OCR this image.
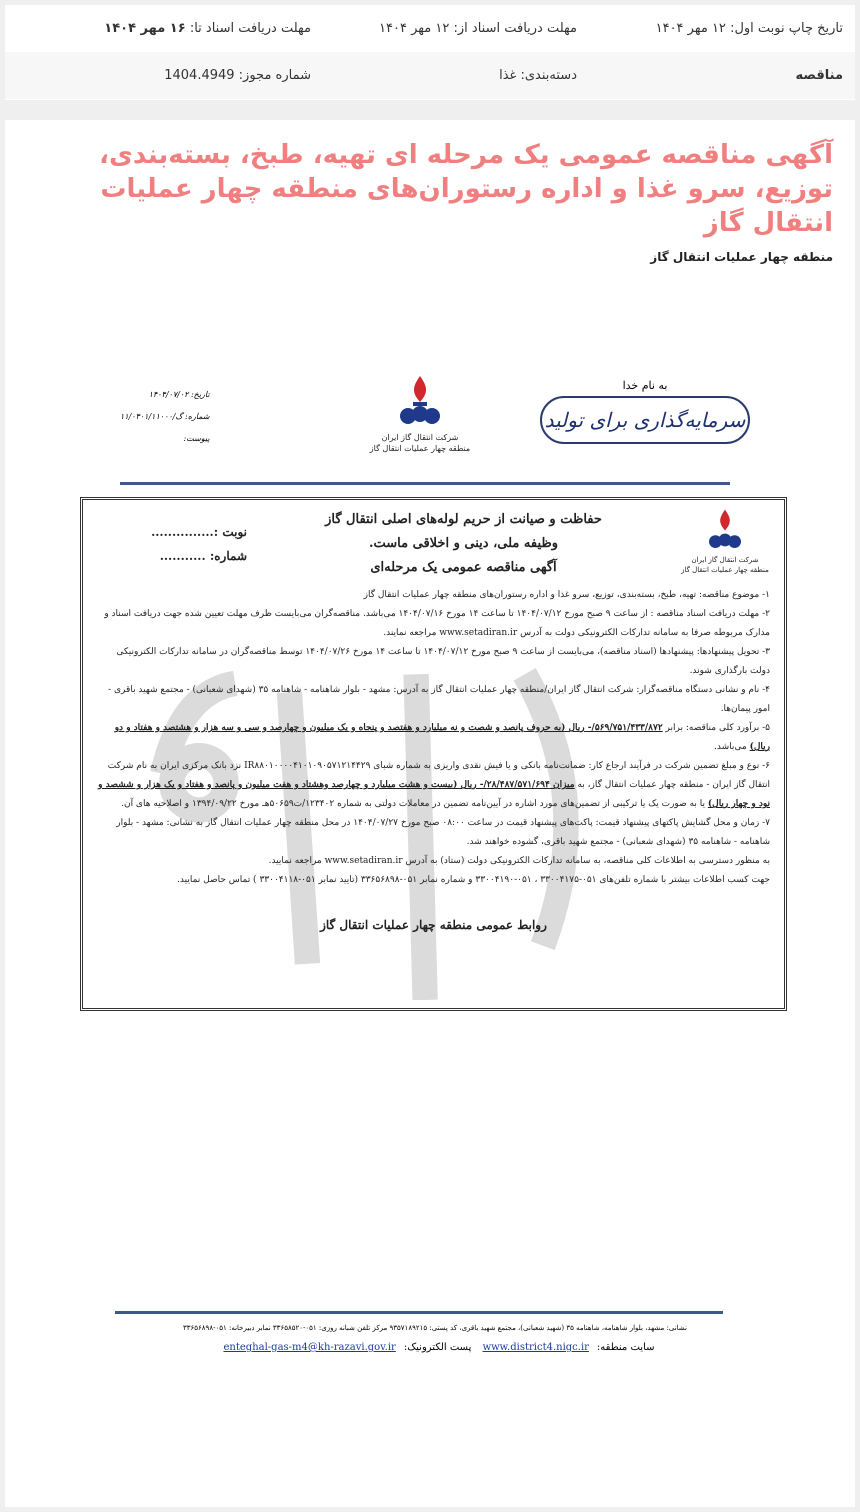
تاریخ چاپ نوبت اول: ۱۲ مهر ۱۴۰۴
مهلت دریافت اسناد از: ۱۲ مهر ۱۴۰۴
مهلت دریافت اسناد تا: ۱۶ مهر ۱۴۰۴
مناقصه
دسته‌بندی: غذا
شماره مجوز: 1404.4949
آگهی مناقصه عمومی یک مرحله ای تهیه، طبخ، بسته‌بندی، توزیع، سرو غذا و اداره رستوران‌های منطقه چهار عملیات انتقال گاز
منطقه چهار عملیات انتقال گاز
به نام خدا
سرمایه‌گذاری برای تولید
شرکت انتقال گاز ایران
منطقه چهار عملیات انتقال گاز
تاریخ: ۱۴۰۴/۰۷/۰۲
شماره: گ/۱۱/۰۴۰۱/۱۱۰۰۰
پیوست:
شرکت انتقال گاز ایران
منطقه چهار عملیات انتقال گاز
حفاظت و صیانت از حریم لوله‌های اصلی انتقال گاز
وظیفه ملی، دینی و اخلاقی ماست.
آگهی مناقصه عمومی یک مرحله‌ای
نوبت :...............
شماره: ...........

۱- موضوع مناقصه: تهیه، طبخ، بسته‌بندی، توزیع، سرو غذا و اداره رستوران‌های منطقه چهار عملیات انتقال گاز

۲- مهلت دریافت اسناد مناقصه : از ساعت ۹ صبح مورخ ۱۴۰۴/۰۷/۱۲ تا ساعت ۱۴ مورخ ۱۴۰۴/۰۷/۱۶ می‌باشد. مناقصه‌گران می‌بایست ظرف مهلت تعیین شده جهت دریافت اسناد و مدارک مربوطه صرفا به سامانه تدارکات الکترونیکی دولت به آدرس www.setadiran.ir مراجعه نمایند.

۳- تحویل پیشنهادها: پیشنهادها (اسناد مناقصه)، می‌بایست از ساعت ۹ صبح مورخ ۱۴۰۴/۰۷/۱۲ تا ساعت ۱۴ مورخ ۱۴۰۴/۰۷/۲۶ توسط مناقصه‌گران در سامانه تدارکات الکترونیکی دولت بارگذاری شوند.

۴- نام و نشانی دستگاه مناقصه‌گزار: شرکت انتقال گاز ایران/منطقه چهار عملیات انتقال گاز به آدرس: مشهد - بلوار شاهنامه - شاهنامه ۳۵ (شهدای شعبانی) - مجتمع شهید باقری - امور پیمان‌ها.

۵- برآورد کلی مناقصه: برابر ۵۶۹/۷۵۱/۴۳۳/۸۷۲/- ریال (به حروف پانصد و شصت و نه میلیارد و هفتصد و پنجاه و یک میلیون و چهارصد و سی و سه هزار و هشتصد و هفتاد و دو ریال) می‌باشد.

۶- نوع و مبلغ تضمین شرکت در فرآیند ارجاع کار: ضمانت‌نامه بانکی و یا فیش نقدی واریزی به شماره شبای IR۸۸۰۱۰۰۰۰۴۱۰۱۰۹۰۵۷۱۲۱۴۴۲۹ نزد بانک مرکزی ایران به نام شرکت انتقال گاز ایران - منطقه چهار عملیات انتقال گاز، به میزان ۲۸/۴۸۷/۵۷۱/۶۹۴/- ریال (بیست و هشت میلیارد و چهارصد وهشتاد و هفت میلیون و پانصد و هفتاد و یک هزار و ششصد و نود و چهار ریال) یا به صورت یک یا ترکیبی از تضمین‌های مورد اشاره در آیین‌نامه تضمین در معاملات دولتی به شماره ۱۲۳۴۰۲/ت۵۰۶۵۹هـ مورخ ۱۳۹۴/۰۹/۲۲ و اصلاحیه های آن.

۷- زمان و محل گشایش پاکتهای پیشنهاد قیمت: پاکت‌های پیشنهاد قیمت در ساعت ۰۸:۰۰ صبح مورخ ۱۴۰۴/۰۷/۲۷ در محل منطقه چهار عملیات انتقال گاز به نشانی: مشهد - بلوار شاهنامه - شاهنامه ۳۵ (شهدای شعبانی) - مجتمع شهید باقری، گشوده خواهند شد.

به منظور دسترسی به اطلاعات کلی مناقصه، به سامانه تدارکات الکترونیکی دولت (ستاد) به آدرس www.setadiran.ir مراجعه نمایید.

جهت کسب اطلاعات بیشتر با شماره تلفن‌های ۰۵۱-۳۳۰۰۴۱۷۵ ، ۰۵۱-۳۳۰۰۴۱۹۰ و شماره نمابر ۰۵۱-۳۳۶۵۶۸۹۸ (تایید نمابر ۰۵۱-۳۳۰۰۴۱۱۸ ) تماس حاصل نمایید.

روابط عمومی منطقه چهار عملیات انتقال گاز
نشانی: مشهد، بلوار شاهنامه، شاهنامه ۳۵ (شهید شعبانی)، مجتمع شهید باقری، کد پستی: ۹۳۵۷۱۸۹۲۱۵ مرکز تلفن شبانه روزی: ۰۵۱-۳۳۶۵۸۵۲۰ نمابر دبیرخانه: ۰۵۱-۳۳۶۵۶۸۹۸
سایت منطقه:www.district4.nigc.ir پست الکترونیک:enteghal-gas-m4@kh-razavi.gov.ir
